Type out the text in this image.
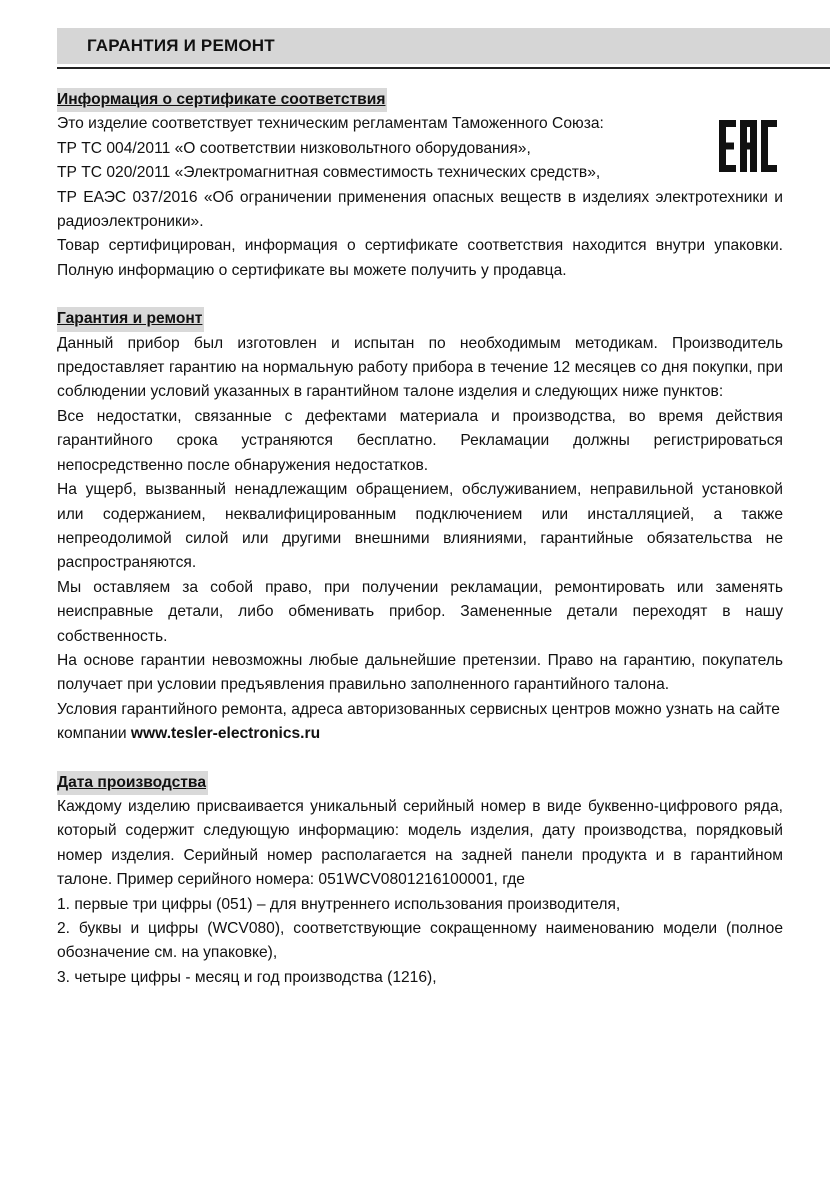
ГАРАНТИЯ И РЕМОНТ
Информация о сертификате соответствия

Это изделие соответствует техническим регламентам Таможенного Союза:

ТР ТС 004/2011 «О соответствии низковольтного оборудования»,

ТР ТС 020/2011 «Электромагнитная совместимость технических средств»,

ТР ЕАЭС 037/2016 «Об ограничении применения опасных веществ в изделиях электротехники и радиоэлектроники».

Товар сертифицирован, информация о сертификате соответствия находится внутри упаковки. Полную информацию о сертификате вы можете получить у продавца.

Гарантия и ремонт

Данный прибор был изготовлен и испытан по необходимым методикам. Производитель предоставляет гарантию на нормальную работу прибора в течение 12 месяцев со дня покупки, при соблюдении условий указанных в гарантийном талоне изделия и следующих ниже пунктов:

Все недостатки, связанные с дефектами материала и производства, во время действия гарантийного срока устраняются бесплатно. Рекламации должны регистрироваться непосредственно после обнаружения недостатков.

На ущерб, вызванный ненадлежащим обращением, обслуживанием, неправильной установкой или содержанием, неквалифицированным подключением или инсталляцией, а также непреодолимой силой или другими внешними влияниями, гарантийные обязательства не распространяются.

Мы оставляем за собой право, при получении рекламации, ремонтировать или заменять неисправные детали, либо обменивать прибор. Замененные детали переходят в нашу собственность.

На основе гарантии невозможны любые дальнейшие претензии. Право на гарантию, покупатель получает при условии предъявления правильно заполненного гарантийного талона.

Условия гарантийного ремонта, адреса авторизованных сервисных центров можно узнать на сайте компании www.tesler-electronics.ru

Дата производства

Каждому изделию присваивается уникальный серийный номер в виде буквенно-цифрового ряда, который содержит следующую информацию: модель изделия, дату производства, порядковый номер изделия. Серийный номер располагается на задней панели продукта и в гарантийном талоне. Пример серийного номера: 051WCV0801216100001, где

1. первые три цифры (051) – для внутреннего использования производителя,

2. буквы и цифры (WCV080), соответствующие сокращенному наименованию модели (полное обозначение см. на упаковке),

3. четыре цифры - месяц и год производства (1216),
